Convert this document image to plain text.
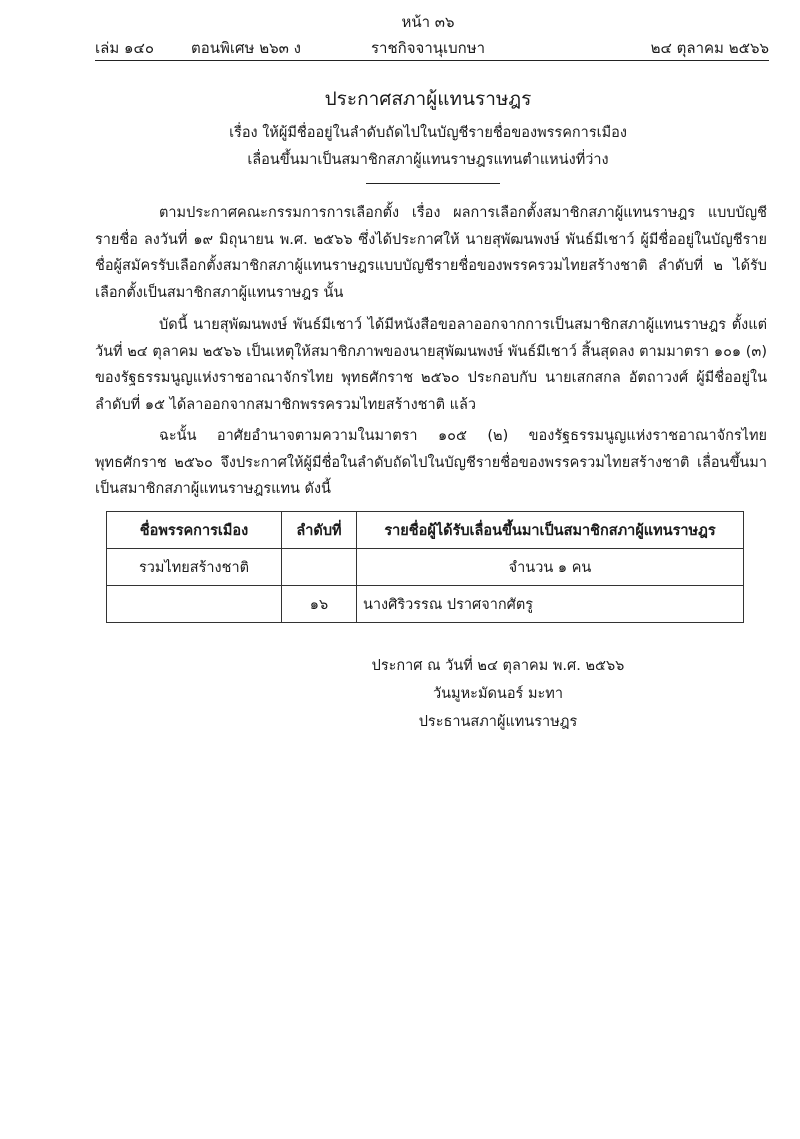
หน้า ๓๖
เล่ม ๑๔๐ ตอนพิเศษ ๒๖๓ ง	ราชกิจจานุเบกษา	๒๔ ตุลาคม ๒๕๖๖
ประกาศสภาผู้แทนราษฎร
เรื่อง ให้ผู้มีชื่ออยู่ในลำดับถัดไปในบัญชีรายชื่อของพรรคการเมือง
เลื่อนขึ้นมาเป็นสมาชิกสภาผู้แทนราษฎรแทนตำแหน่งที่ว่าง

ตามประกาศคณะกรรมการการเลือกตั้ง เรื่อง ผลการเลือกตั้งสมาชิกสภาผู้แทนราษฎร แบบบัญชีรายชื่อ ลงวันที่ ๑๙ มิถุนายน พ.ศ. ๒๕๖๖ ซึ่งได้ประกาศให้ นายสุพัฒนพงษ์ พันธ์มีเชาว์ ผู้มีชื่ออยู่ในบัญชีรายชื่อผู้สมัครรับเลือกตั้งสมาชิกสภาผู้แทนราษฎรแบบบัญชีรายชื่อของพรรครวมไทยสร้างชาติ ลำดับที่ ๒ ได้รับเลือกตั้งเป็นสมาชิกสภาผู้แทนราษฎร นั้น

บัดนี้ นายสุพัฒนพงษ์ พันธ์มีเชาว์ ได้มีหนังสือขอลาออกจากการเป็นสมาชิกสภาผู้แทนราษฎร ตั้งแต่วันที่ ๒๔ ตุลาคม ๒๕๖๖ เป็นเหตุให้สมาชิกภาพของนายสุพัฒนพงษ์ พันธ์มีเชาว์ สิ้นสุดลง ตามมาตรา ๑๐๑ (๓) ของรัฐธรรมนูญแห่งราชอาณาจักรไทย พุทธศักราช ๒๕๖๐ ประกอบกับ นายเสกสกล อัตถาวงศ์ ผู้มีชื่ออยู่ในลำดับที่ ๑๕ ได้ลาออกจากสมาชิกพรรครวมไทยสร้างชาติ แล้ว

ฉะนั้น อาศัยอำนาจตามความในมาตรา ๑๐๕ (๒) ของรัฐธรรมนูญแห่งราชอาณาจักรไทย พุทธศักราช ๒๕๖๐ จึงประกาศให้ผู้มีชื่อในลำดับถัดไปในบัญชีรายชื่อของพรรครวมไทยสร้างชาติ เลื่อนขึ้นมาเป็นสมาชิกสภาผู้แทนราษฎรแทน ดังนี้

ชื่อพรรคการเมือง	ลำดับที่	รายชื่อผู้ได้รับเลื่อนขึ้นมาเป็นสมาชิกสภาผู้แทนราษฎร
รวมไทยสร้างชาติ		จำนวน ๑ คน
	๑๖	นางศิริวรรณ ปราศจากศัตรู
ประกาศ ณ วันที่ ๒๔ ตุลาคม พ.ศ. ๒๕๖๖
วันมูหะมัดนอร์ มะทา
ประธานสภาผู้แทนราษฎร
